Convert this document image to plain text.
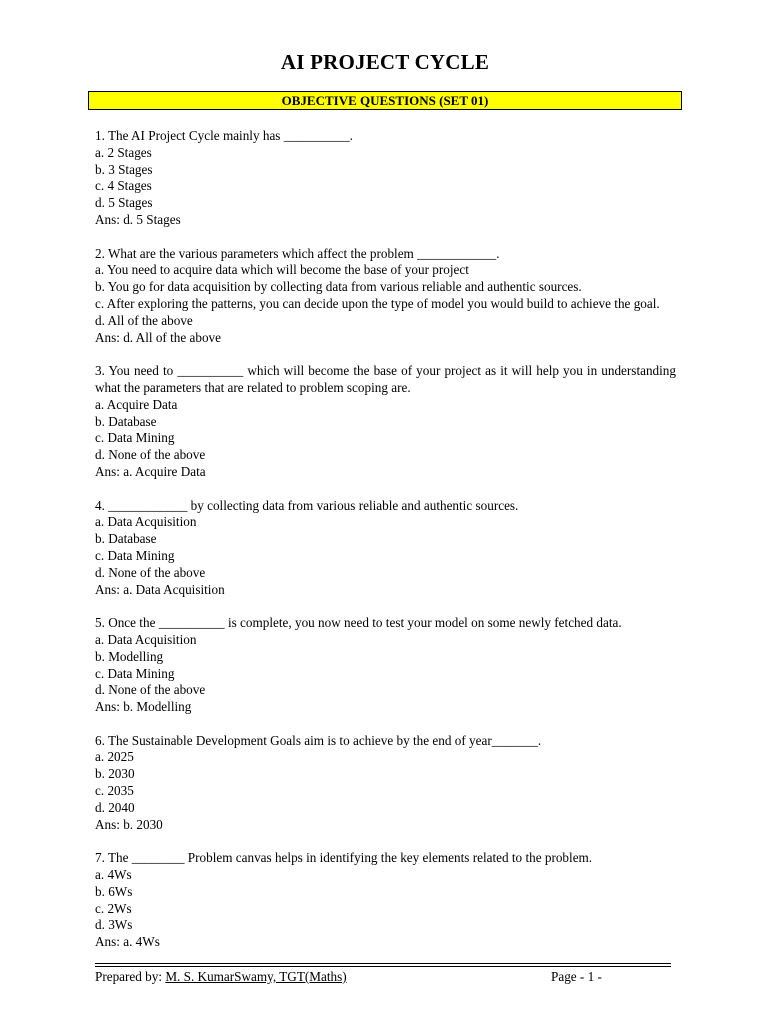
AI PROJECT CYCLE
OBJECTIVE QUESTIONS (SET 01)
1. The AI Project Cycle mainly has __________.
a. 2 Stages
b. 3 Stages
c. 4 Stages
d. 5 Stages
Ans: d. 5 Stages
2. What are the various parameters which affect the problem ____________.
a. You need to acquire data which will become the base of your project
b. You go for data acquisition by collecting data from various reliable and authentic sources.
c. After exploring the patterns, you can decide upon the type of model you would build to achieve the goal.
d. All of the above
Ans: d. All of the above
3. You need to __________ which will become the base of your project as it will help you in understanding what the parameters that are related to problem scoping are.
a. Acquire Data
b. Database
c. Data Mining
d. None of the above
Ans: a. Acquire Data
4. ____________ by collecting data from various reliable and authentic sources.
a. Data Acquisition
b. Database
c. Data Mining
d. None of the above
Ans: a. Data Acquisition
5. Once the __________ is complete, you now need to test your model on some newly fetched data.
a. Data Acquisition
b. Modelling
c. Data Mining
d. None of the above
Ans: b. Modelling
6. The Sustainable Development Goals aim is to achieve by the end of year_______.
a. 2025
b. 2030
c. 2035
d. 2040
Ans: b. 2030
7. The ________ Problem canvas helps in identifying the key elements related to the problem.
a. 4Ws
b. 6Ws
c. 2Ws
d. 3Ws
Ans: a. 4Ws
Prepared by: M. S. KumarSwamy, TGT(Maths)	Page - 1 -
